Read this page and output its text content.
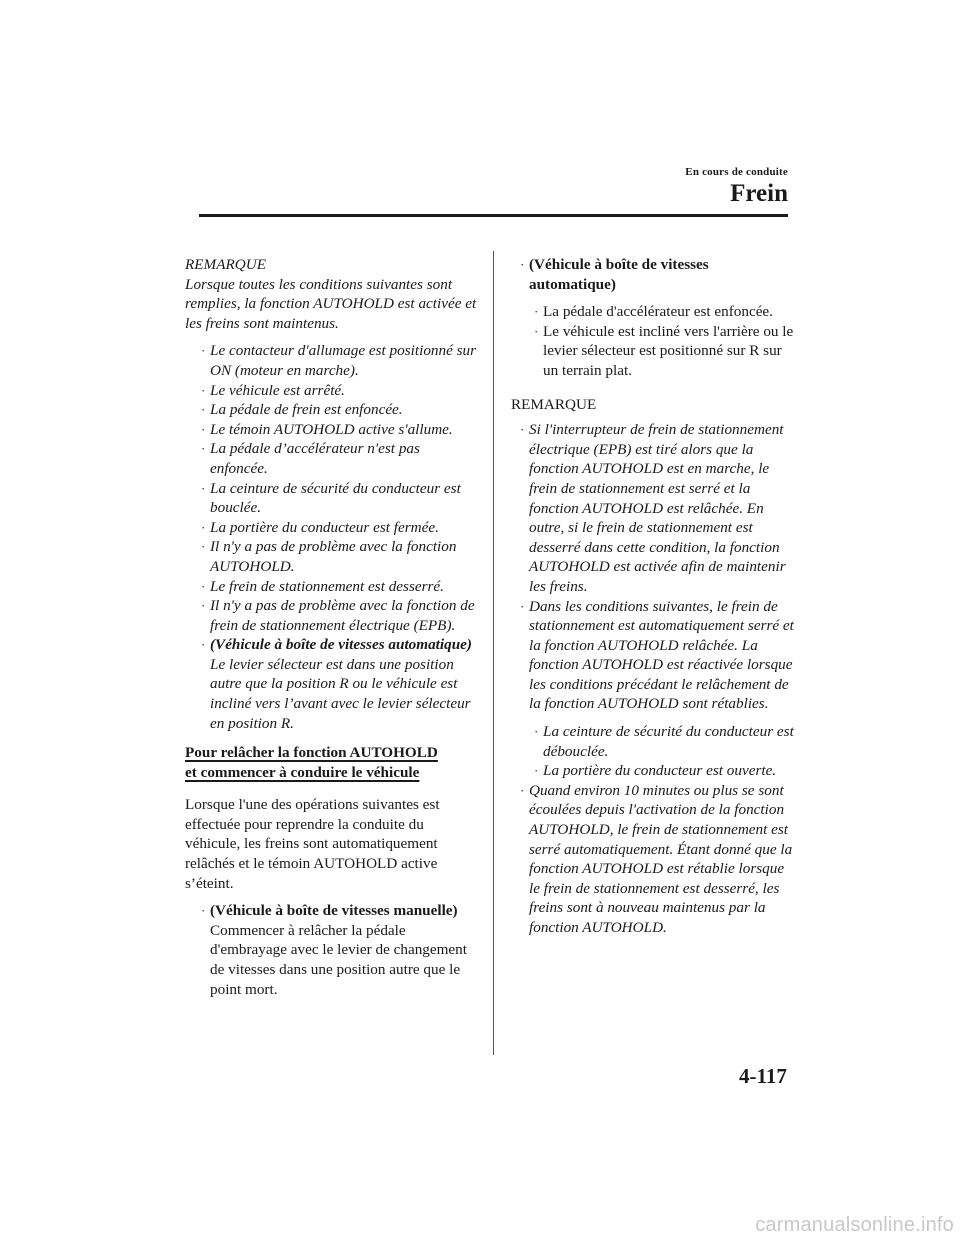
En cours de conduite
Frein

REMARQUE

Lorsque toutes les conditions suivantes sont remplies, la fonction AUTOHOLD est activée et les freins sont maintenus.

· Le contacteur d'allumage est positionné sur ON (moteur en marche).
· Le véhicule est arrêté.
· La pédale de frein est enfoncée.
· Le témoin AUTOHOLD active s'allume.
· La pédale d’accélérateur n'est pas enfoncée.
· La ceinture de sécurité du conducteur est bouclée.
· La portière du conducteur est fermée.
· Il n'y a pas de problème avec la fonction AUTOHOLD.
· Le frein de stationnement est desserré.
· Il n'y a pas de problème avec la fonction de frein de stationnement électrique (EPB).
· (Véhicule à boîte de vitesses automatique)
Le levier sélecteur est dans une position autre que la position R ou le véhicule est incliné vers l’avant avec le levier sélecteur en position R.
Pour relâcher la fonction AUTOHOLD
et commencer à conduire le véhicule

Lorsque l'une des opérations suivantes est effectuée pour reprendre la conduite du véhicule, les freins sont automatiquement relâchés et le témoin AUTOHOLD active s’éteint.

· (Véhicule à boîte de vitesses manuelle)
Commencer à relâcher la pédale d'embrayage avec le levier de changement de vitesses dans une position autre que le point mort.
· (Véhicule à boîte de vitesses automatique)
· La pédale d'accélérateur est enfoncée.
· Le véhicule est incliné vers l'arrière ou le levier sélecteur est positionné sur R sur un terrain plat.

REMARQUE

· Si l'interrupteur de frein de stationnement électrique (EPB) est tiré alors que la fonction AUTOHOLD est en marche, le frein de stationnement est serré et la fonction AUTOHOLD est relâchée. En outre, si le frein de stationnement est desserré dans cette condition, la fonction AUTOHOLD est activée afin de maintenir les freins.
· Dans les conditions suivantes, le frein de stationnement est automatiquement serré et la fonction AUTOHOLD relâchée. La fonction AUTOHOLD est réactivée lorsque les conditions précédant le relâchement de la fonction AUTOHOLD sont rétablies.
· La ceinture de sécurité du conducteur est débouclée.
· La portière du conducteur est ouverte.
· Quand environ 10 minutes ou plus se sont écoulées depuis l'activation de la fonction AUTOHOLD, le frein de stationnement est serré automatiquement. Étant donné que la fonction AUTOHOLD est rétablie lorsque le frein de stationnement est desserré, les freins sont à nouveau maintenus par la fonction AUTOHOLD.
4-117
carmanualsonline.info
